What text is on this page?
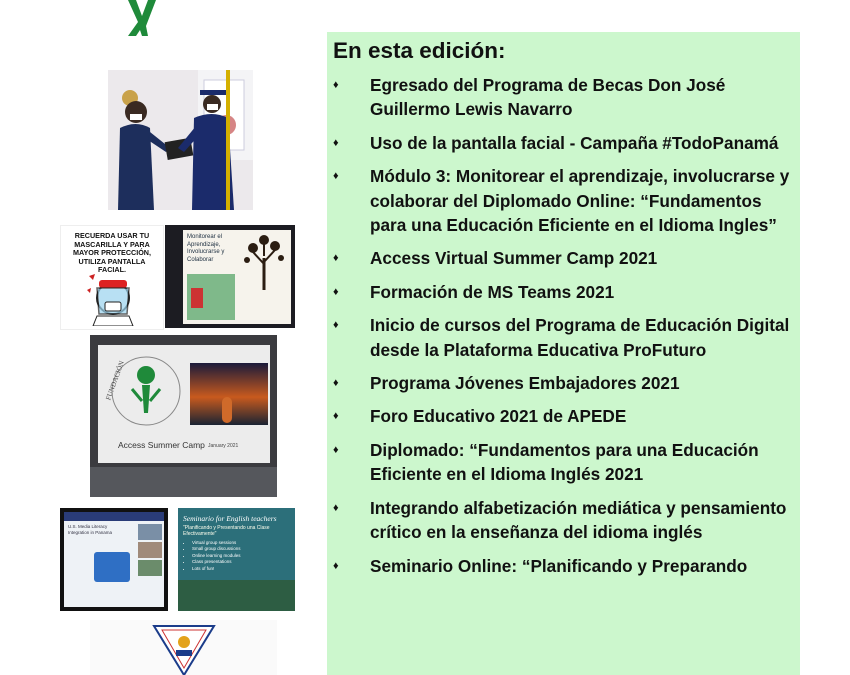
RECUERDA USAR TU MASCARILLA Y PARA MAYOR PROTECCIÓN, UTILIZA PANTALLA FACIAL.
Monitorear el Aprendizaje, Involucrarse y Colaborar
FUNDACIÓN
Access Summer Camp January 2021
U.S. Media Literacy Integration in Panama
Seminario for English teachers
"Planificando y Presentando una Clase Efectivamente"
• Virtual group sessions
• Small group discussions
• Online learning modules
• Class presentations
• Lots of fun!
En esta edición:
♦	Egresado del Programa de Becas Don José Guillermo Lewis Navarro
♦	Uso de la pantalla facial - Campaña #TodoPanamá
♦	Módulo 3: Monitorear el aprendizaje, involucrarse y colaborar del Diplomado Online: “Fundamentos para una Educación Eficiente en el Idioma Ingles”
♦	Access Virtual Summer Camp 2021
♦	Formación de MS Teams 2021
♦	Inicio de cursos del Programa de Educación Digital desde la Plataforma Educativa ProFuturo
♦	Programa Jóvenes Embajadores 2021
♦	Foro Educativo 2021 de APEDE
♦	Diplomado: “Fundamentos para una Educación Eficiente en el Idioma Inglés 2021
♦	Integrando alfabetización mediática y pensamiento crítico en la enseñanza del idioma inglés
♦	Seminario Online: “Planificando y Preparando
